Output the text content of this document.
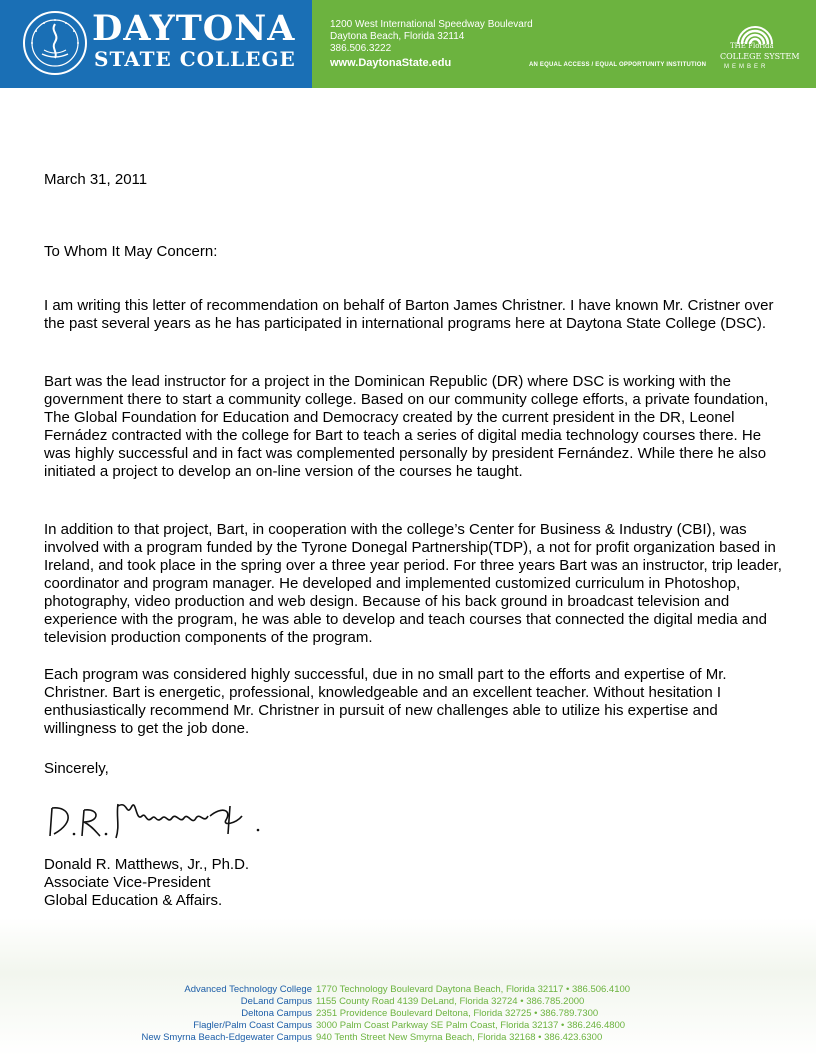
DAYTONA
STATE COLLEGE
1200 West International Speedway Boulevard
Daytona Beach, Florida 32114
386.506.3222
www.DaytonaState.edu	AN EQUAL ACCESS / EQUAL OPPORTUNITY INSTITUTION
THE Florida
COLLEGE SYSTEM
MEMBER
March 31, 2011
To Whom It May Concern:

I am writing this letter of recommendation on behalf of Barton James Christner. I have known Mr. Cristner over the past several years as he has participated in international programs here at Daytona State College (DSC).

Bart was the lead instructor for a project in the Dominican Republic (DR) where DSC is working with the government there to start a community college. Based on our community college efforts, a private foundation, The Global Foundation for Education and Democracy created by the current president in the DR, Leonel Fernádez contracted with the college for Bart to teach a series of digital media technology courses there. He was highly successful and in fact was complemented personally by president Fernández. While there he also initiated a project to develop an on-line version of the courses he taught.

In addition to that project, Bart, in cooperation with the college’s Center for Business & Industry (CBI), was involved with a program funded by the Tyrone Donegal Partnership(TDP), a not for profit organization based in Ireland, and took place in the spring over a three year period. For three years Bart was an instructor, trip leader, coordinator and program manager. He developed and implemented customized curriculum in Photoshop, photography, video production and web design. Because of his back ground in broadcast television and experience with the program, he was able to develop and teach courses that connected the digital media and television production components of the program.

Each program was considered highly successful, due in no small part to the efforts and expertise of Mr. Christner. Bart is energetic, professional, knowledgeable and an excellent teacher. Without hesitation I enthusiastically recommend Mr. Christner in pursuit of new challenges able to utilize his expertise and willingness to get the job done.

Sincerely,
Donald R. Matthews, Jr., Ph.D.
Associate Vice-President
Global Education & Affairs.
Advanced Technology College 1770 Technology Boulevard Daytona Beach, Florida 32117 • 386.506.4100
DeLand Campus 1155 County Road 4139 DeLand, Florida 32724 • 386.785.2000
Deltona Campus 2351 Providence Boulevard Deltona, Florida 32725 • 386.789.7300
Flagler/Palm Coast Campus 3000 Palm Coast Parkway SE Palm Coast, Florida 32137 • 386.246.4800
New Smyrna Beach-Edgewater Campus 940 Tenth Street New Smyrna Beach, Florida 32168 • 386.423.6300
